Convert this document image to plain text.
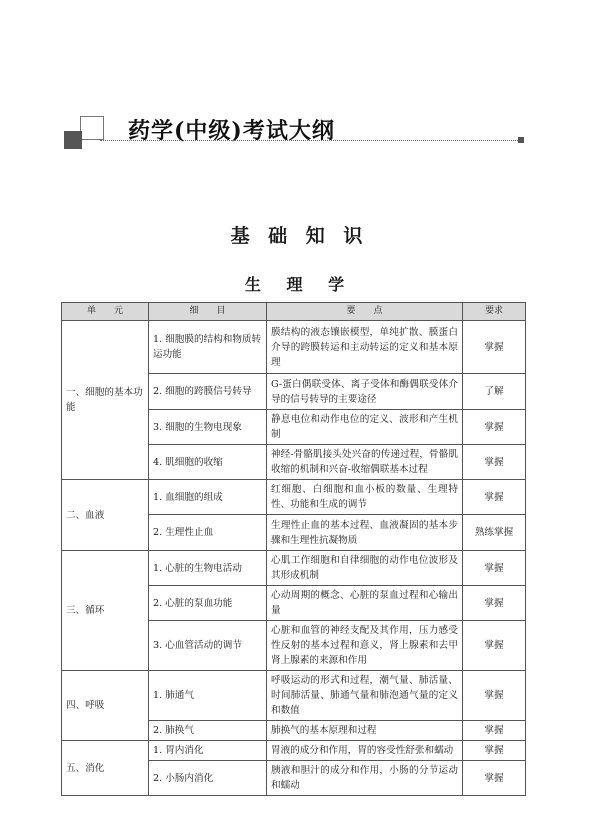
药学(中级)考试大纲
基 础 知 识
生 理 学
单　　元	细　　目	要　　点	要求
一、细胞的基本功能	1. 细胞膜的结构和物质转运功能	膜结构的液态镶嵌模型，单纯扩散、膜蛋白介导的跨膜转运和主动转运的定义和基本原理	掌握
	2. 细胞的跨膜信号转导	G-蛋白偶联受体、离子受体和酶偶联受体介导的信号转导的主要途径	了解
	3. 细胞的生物电现象	静息电位和动作电位的定义、波形和产生机制	掌握
	4. 肌细胞的收缩	神经-骨骼肌接头处兴奋的传递过程，骨骼肌收缩的机制和兴奋-收缩偶联基本过程	掌握
二、血液	1. 血细胞的组成	红细胞、白细胞和血小板的数量、生理特性、功能和生成的调节	掌握
	2. 生理性止血	生理性止血的基本过程、血液凝固的基本步骤和生理性抗凝物质	熟练掌握
三、循环	1. 心脏的生物电活动	心肌工作细胞和自律细胞的动作电位波形及其形成机制	掌握
	2. 心脏的泵血功能	心动周期的概念、心脏的泵血过程和心输出量	掌握
	3. 心血管活动的调节	心脏和血管的神经支配及其作用，压力感受性反射的基本过程和意义，肾上腺素和去甲肾上腺素的来源和作用	掌握
四、呼吸	1. 肺通气	呼吸运动的形式和过程，潮气量、肺活量、时间肺活量、肺通气量和肺泡通气量的定义和数值	掌握
	2. 肺换气	肺换气的基本原理和过程	掌握
五、消化	1. 胃内消化	胃液的成分和作用，胃的容受性舒张和蠕动	掌握
	2. 小肠内消化	胰液和胆汁的成分和作用，小肠的分节运动和蠕动	掌握
